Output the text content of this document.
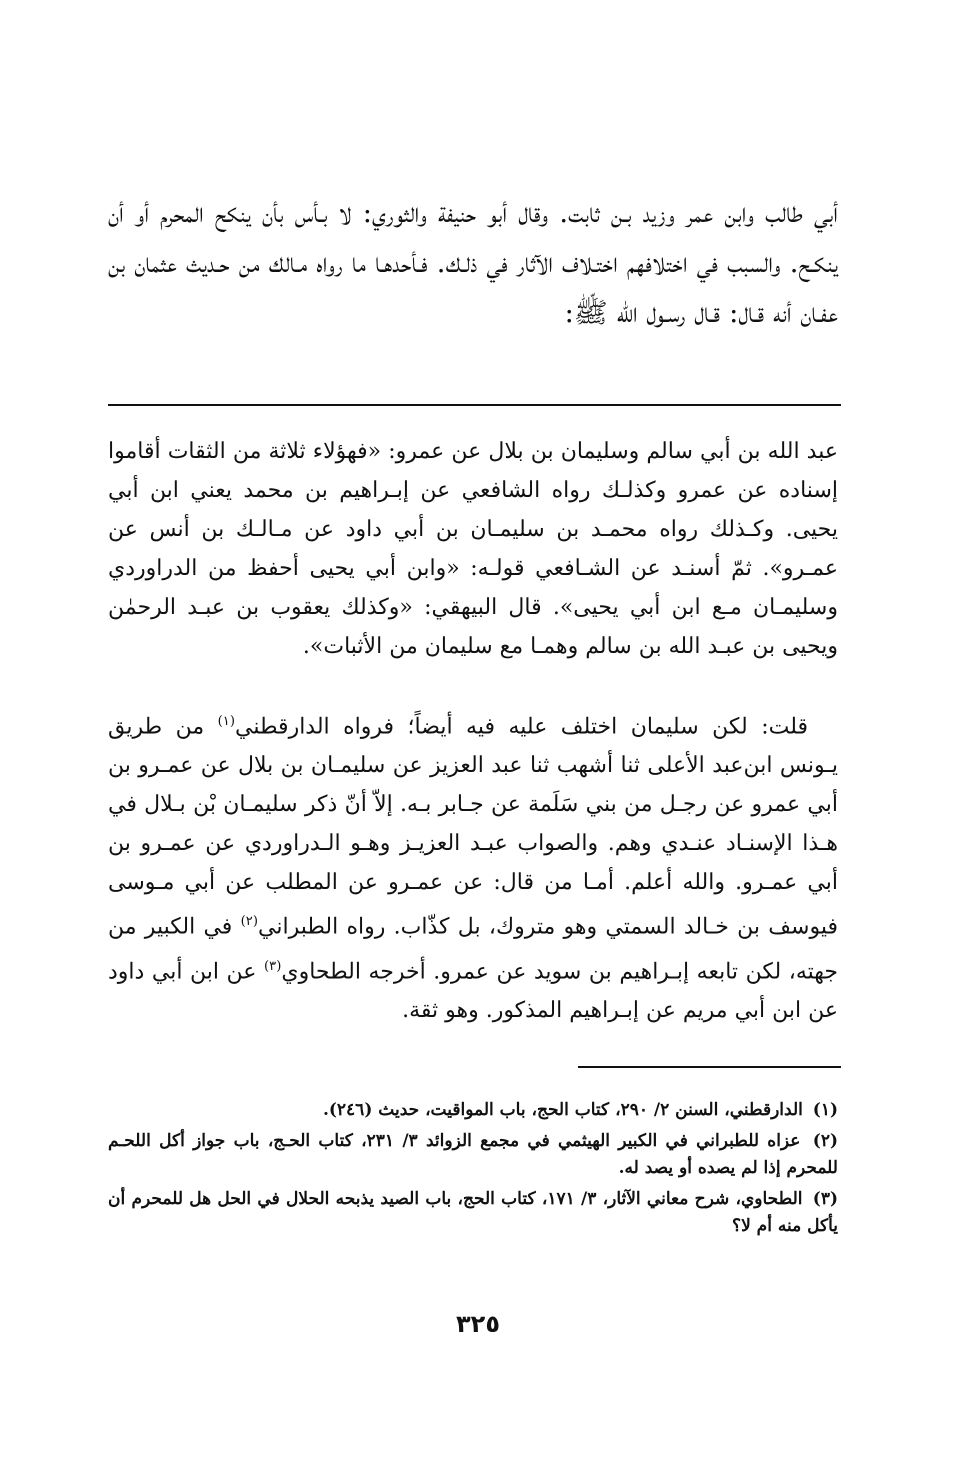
أبي طالب وابن عمر وزيد بـن ثابت. وقال أبو حنيفة والثوري: لا بـأس بأن ينكح المحرم أو أن ينكـح. والسبب في اختلافهم اختـلاف الآثار في ذلـك. فـأحدهـا ما رواه مـالك من حـديث عثمان بن عفـان أنه قـال: قـال رسـول الله ﷺ:

عبد الله بن أبي سالم وسليمان بن بلال عن عمرو: «فهؤلاء ثلاثة من الثقات أقاموا إسناده عن عمرو وكذلـك رواه الشافعي عن إبـراهيم بن محمد يعني ابن أبي يحيى. وكـذلك رواه محمـد بن سليمـان بن أبي داود عن مـالـك بن أنس عن عمـرو». ثمّ أسنـد عن الشـافعي قولـه: «وابن أبي يحيى أحفظ من الدراوردي وسليمـان مـع ابن أبي يحيى». قال البيهقي: «وكذلك يعقوب بن عبـد الرحمٰن ويحيى بن عبـد الله بن سالم وهمـا مع سليمان من الأثبات».

قلت: لكن سليمان اختلف عليه فيه أيضاً؛ فرواه الدارقطني$^{(١)}$ من طريق يـونس ابن‌عبد الأعلى ثنا أشهب ثنا عبد العزيز عن سليمـان بن بلال عن عمـرو بن أبي عمرو عن رجـل من بني سَلَمة عن جـابر بـه. إلاّ أنّ ذكر سليمـان بْن بـلال في هـذا الإسنـاد عنـدي وهم. والصواب عبـد العزيـز وهـو الـدراوردي عن عمـرو بن أبي عمـرو. والله أعلم. أمـا من قال: عن عمـرو عن المطلب عن أبي مـوسى فيوسف بن خـالد السمتي وهو متروك، بل كذّاب. رواه الطبراني$^{(٢)}$ في الكبير من جهته، لكن تابعه إبـراهيم بن سويد عن عمرو. أخرجه الطحاوي$^{(٣)}$ عن ابن أبي داود عن ابن أبي مريم عن إبـراهيم المذكور. وهو ثقة.

(١) الدارقطني، السنن ٢/ ٢٩٠، كتاب الحج، باب المواقيت، حديث (٢٤٦).

(٢) عزاه للطبراني في الكبير الهيثمي في مجمع الزوائد ٣/ ٢٣١، كتاب الحـج، باب جواز أكل اللحـم للمحرم إذا لم يصده أو يصد له.

(٣) الطحاوي، شرح معاني الآثار، ٣/ ١٧١، كتاب الحج، باب الصيد يذبحه الحلال في الحل هل للمحرم أن يأكل منه أم لا؟

٣٢٥
